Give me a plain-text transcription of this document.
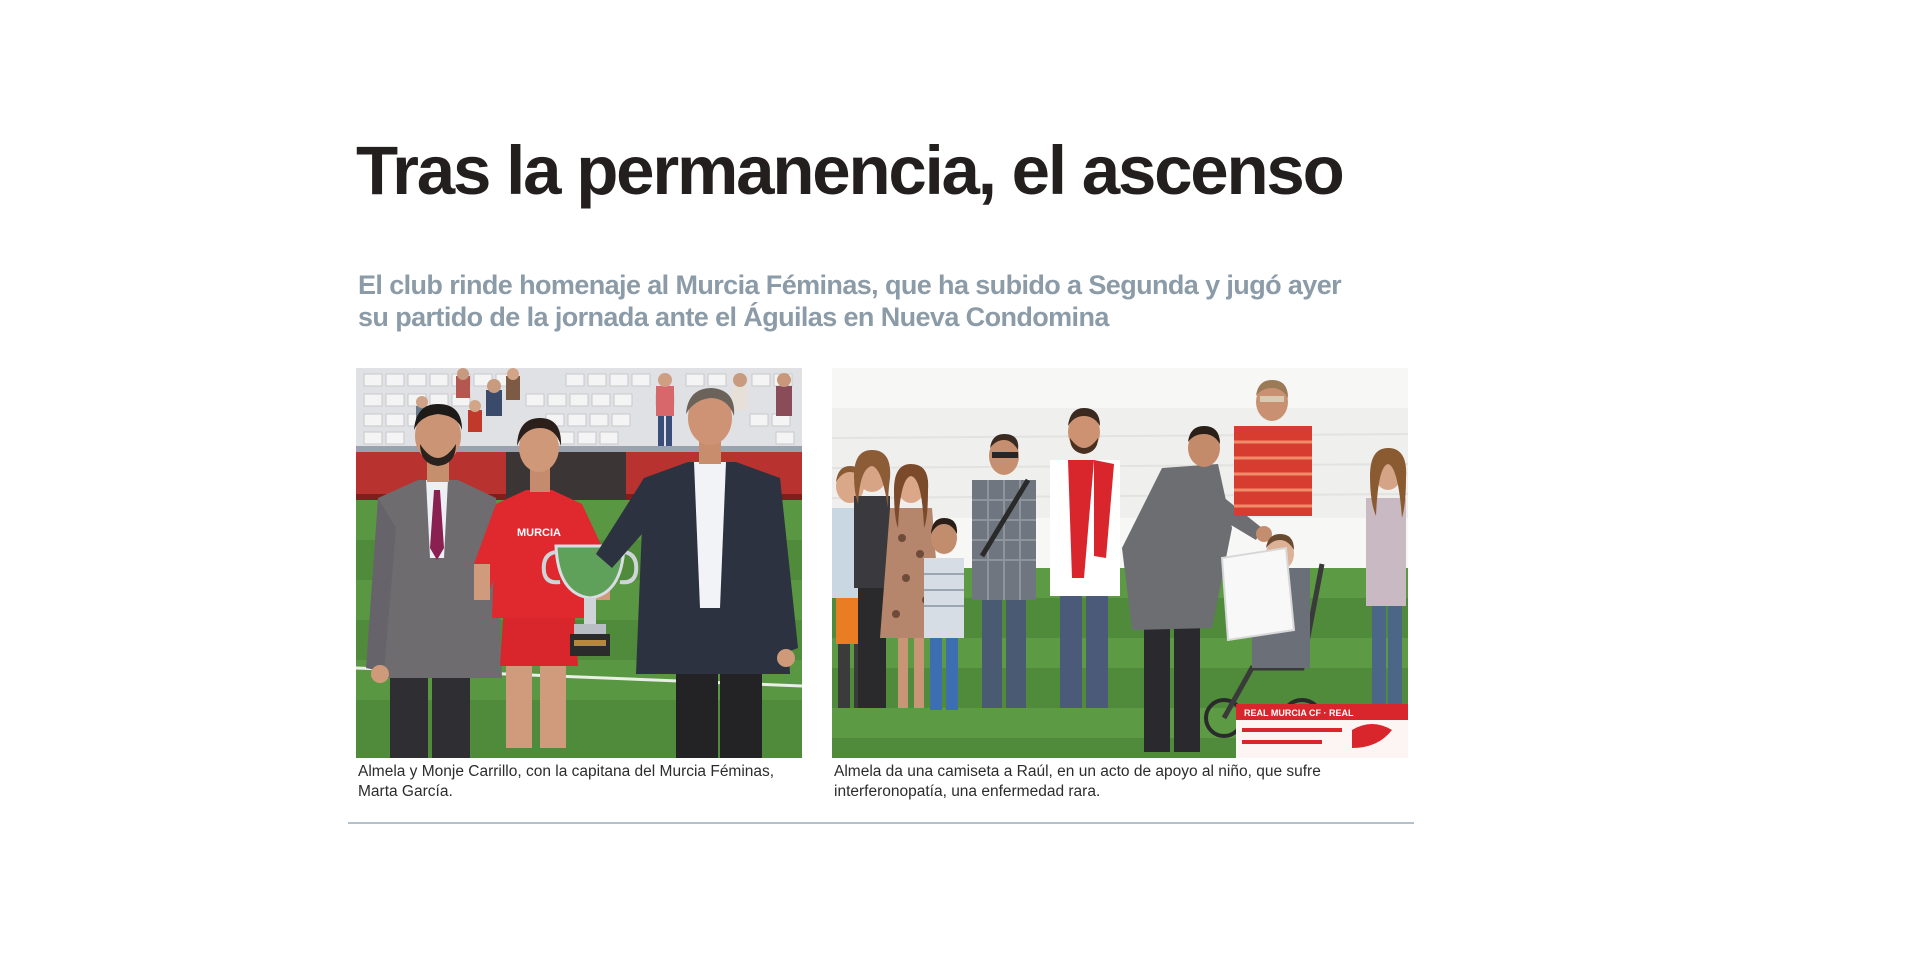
Tras la permanencia, el ascenso

El club rinde homenaje al Murcia Féminas, que ha subido a Segunda y jugó ayer su partido de la jornada ante el Águilas en Nueva Condomina

MURCIA
REAL MURCIA CF · REAL

Almela y Monje Carrillo, con la capitana del Murcia Féminas, Marta García.

Almela da una camiseta a Raúl, en un acto de apoyo al niño, que sufre interferonopatía, una enfermedad rara.
